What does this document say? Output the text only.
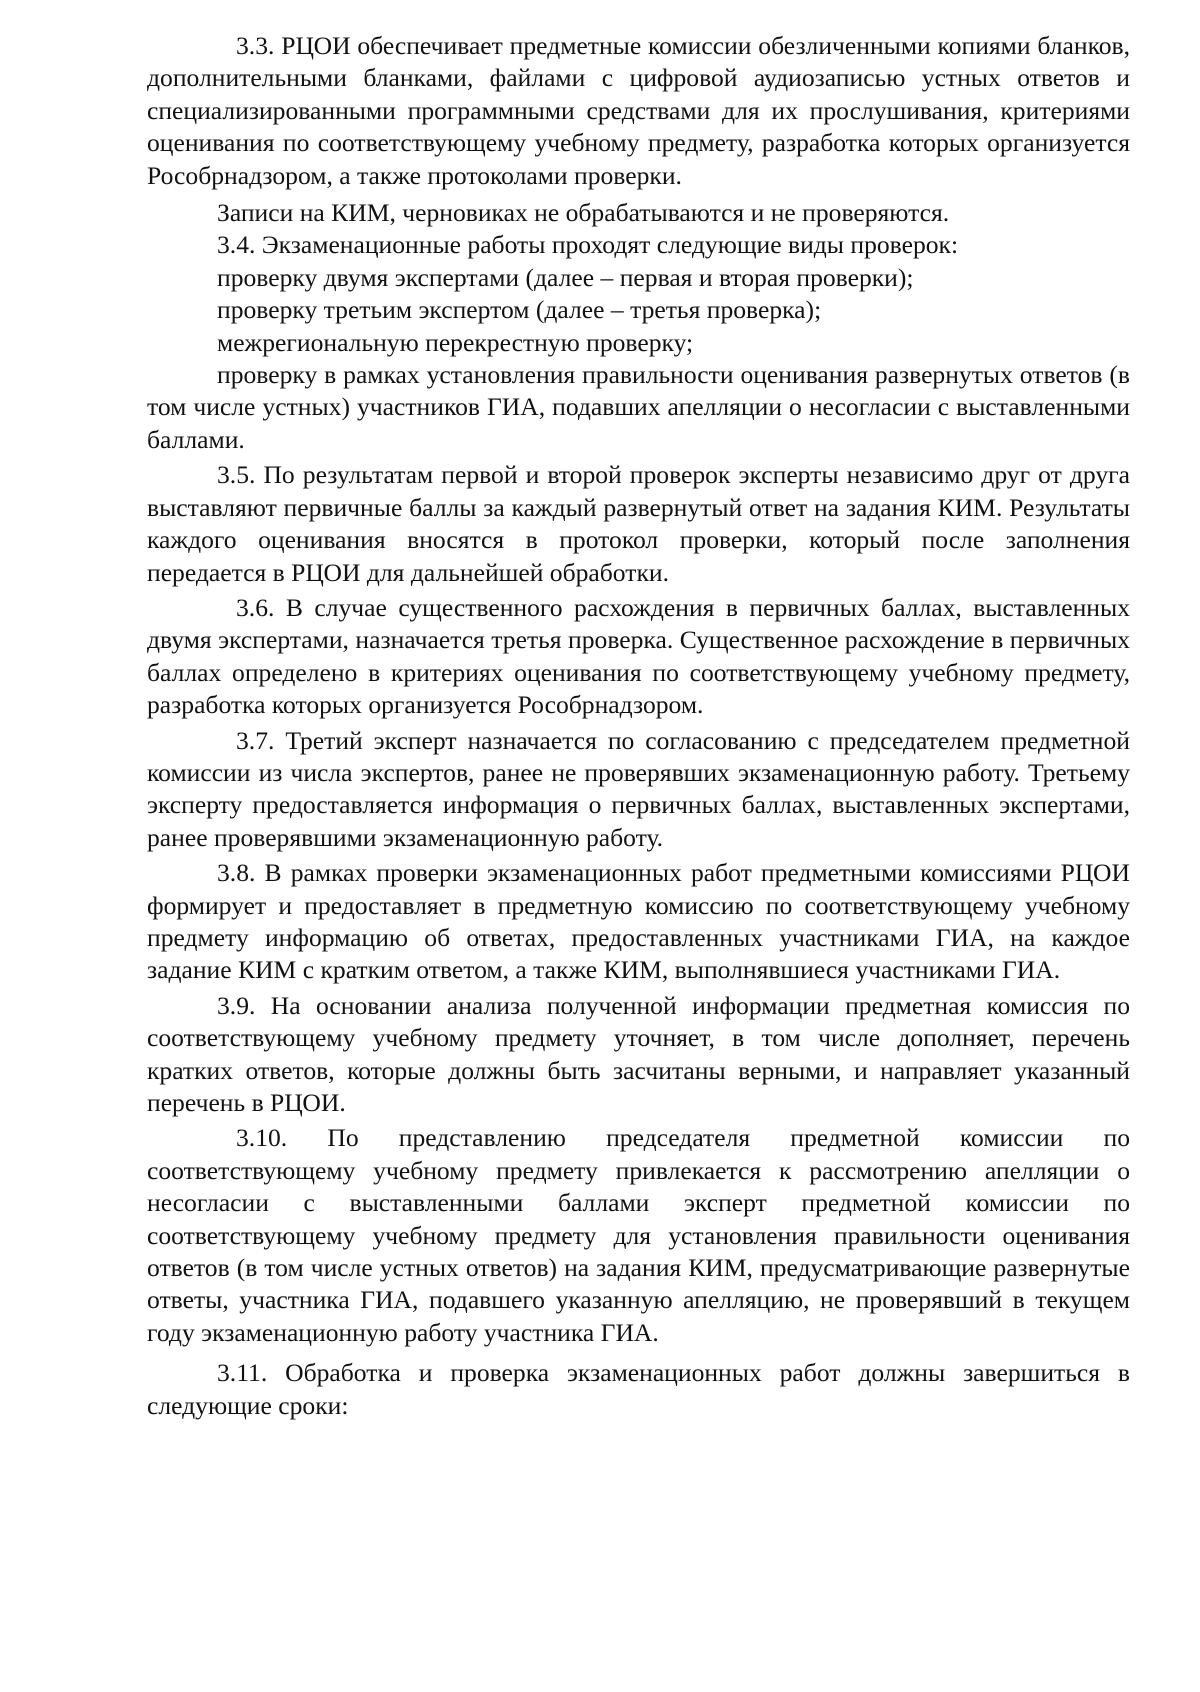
3.3. РЦОИ обеспечивает предметные комиссии обезличенными копиями бланков, дополнительными бланками, файлами с цифровой аудиозаписью устных ответов и специализированными программными средствами для их прослушивания, критериями оценивания по соответствующему учебному предмету, разработка которых организуется Рособрнадзором, а также протоколами проверки.

Записи на КИМ, черновиках не обрабатываются и не проверяются.

3.4. Экзаменационные работы проходят следующие виды проверок:

проверку двумя экспертами (далее – первая и вторая проверки);

проверку третьим экспертом (далее – третья проверка);

межрегиональную перекрестную проверку;

проверку в рамках установления правильности оценивания развернутых ответов (в том числе устных) участников ГИА, подавших апелляции о несогласии с выставленными баллами.

3.5. По результатам первой и второй проверок эксперты независимо друг от друга выставляют первичные баллы за каждый развернутый ответ на задания КИМ. Результаты каждого оценивания вносятся в протокол проверки, который после заполнения передается в РЦОИ для дальнейшей обработки.

3.6. В случае существенного расхождения в первичных баллах, выставленных двумя экспертами, назначается третья проверка. Существенное расхождение в первичных баллах определено в критериях оценивания по соответствующему учебному предмету, разработка которых организуется Рособрнадзором.

3.7. Третий эксперт назначается по согласованию с председателем предметной комиссии из числа экспертов, ранее не проверявших экзаменационную работу. Третьему эксперту предоставляется информация о первичных баллах, выставленных экспертами, ранее проверявшими экзаменационную работу.

3.8. В рамках проверки экзаменационных работ предметными комиссиями РЦОИ формирует и предоставляет в предметную комиссию по соответствующему учебному предмету информацию об ответах, предоставленных участниками ГИА, на каждое задание КИМ с кратким ответом, а также КИМ, выполнявшиеся участниками ГИА.

3.9. На основании анализа полученной информации предметная комиссия по соответствующему учебному предмету уточняет, в том числе дополняет, перечень кратких ответов, которые должны быть засчитаны верными, и направляет указанный перечень в РЦОИ.

3.10. По представлению председателя предметной комиссии по соответствующему учебному предмету привлекается к рассмотрению апелляции о несогласии с выставленными баллами эксперт предметной комиссии по соответствующему учебному предмету для установления правильности оценивания ответов (в том числе устных ответов) на задания КИМ, предусматривающие развернутые ответы, участника ГИА, подавшего указанную апелляцию, не проверявший в текущем году экзаменационную работу участника ГИА.

3.11. Обработка и проверка экзаменационных работ должны завершиться в следующие сроки:
